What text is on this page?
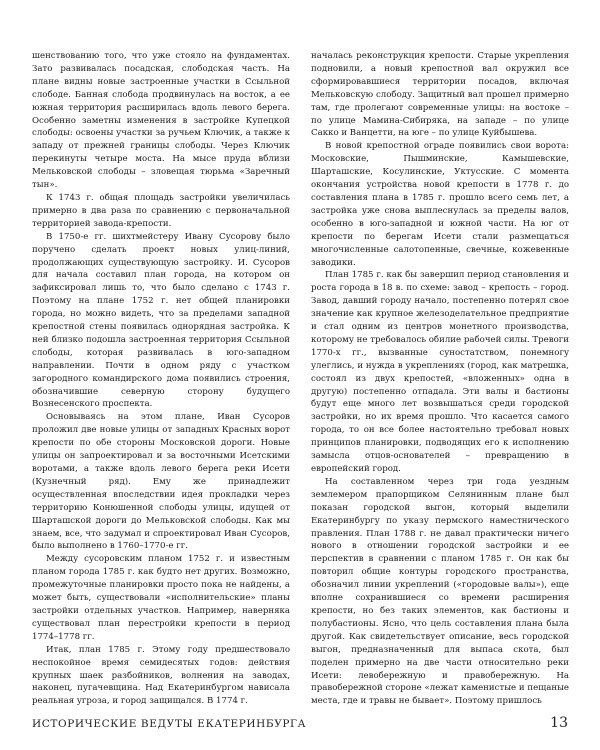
шенствованию того, что уже стояло на фундаментах. Зато развивалась посадская, слободская часть. На плане видны новые застроенные участки в Ссыльной слободе. Банная слобода продвинулась на восток, а ее южная территория расширилась вдоль левого берега. Особенно заметны изменения в застройке Купецкой слободы: освоены участки за ручьем Ключик, а также к западу от прежней границы слободы. Через Ключик перекинуты четыре моста. На мысе пруда вблизи Мельковской слободы – зловещая тюрьма «Заречный тын».

К 1743 г. общая площадь застройки увеличилась примерно в два раза по сравнению с первоначальной территорией завода-крепости.

В 1750-е гг. шихтмейстеру Ивану Сусорову было поручено сделать проект новых улиц-линий, продолжающих существующую застройку. И. Сусоров для начала составил план города, на котором он зафиксировал лишь то, что было сделано с 1743 г. Поэтому на плане 1752 г. нет общей планировки города, но можно видеть, что за пределами западной крепостной стены появилась однорядная застройка. К ней близко подошла застроенная территория Ссыльной слободы, которая развивалась в юго-западном направлении. Почти в одном ряду с участком загородного командирского дома появились строения, обозначившие северную сторону будущего Вознесенского проспекта.

Основываясь на этом плане, Иван Сусоров проложил две новые улицы от западных Красных ворот крепости по обе стороны Московской дороги. Новые улицы он запроектировал и за восточными Исетскими воротами, а также вдоль левого берега реки Исети (Кузнечный ряд). Ему же принадлежит осуществленная впоследствии идея прокладки через территорию Конюшенной слободы улицы, идущей от Шарташской дороги до Мельковской слободы. Как мы знаем, все, что задумал и спроектировал Иван Сусоров, было выполнено в 1760–1770-е гг.

Между сусоровским планом 1752 г. и известным планом города 1785 г. как будто нет других. Возможно, промежуточные планировки просто пока не найдены, а может быть, существовали «исполнительские» планы застройки отдельных участков. Например, наверняка существовал план перестройки крепости в период 1774–1778 гг.

Итак, план 1785 г. Этому году предшествовало неспокойное время семидесятых годов: действия крупных шаек разбойников, волнения на заводах, наконец, пугачевщина. Над Екатеринбургом нависала реальная угроза, и город защищался. В 1774 г.

началась реконструкция крепости. Старые укрепления подновили, а новый крепостной вал окружил все сформировавшиеся территории посадов, включая Мельковскую слободу. Защитный вал прошел примерно там, где пролегают современные улицы: на востоке – по улице Мамина-Сибиряка, на западе – по улице Сакко и Ванцетти, на юге – по улице Куйбышева.

В новой крепостной ограде появились свои ворота: Московские, Пышминские, Камышевские, Шарташские, Косулинские, Уктусские. С момента окончания устройства новой крепости в 1778 г. до составления плана в 1785 г. прошло всего семь лет, а застройка уже снова выплеснулась за пределы валов, особенно в юго-западной и южной части. На юг от крепости по берегам Исети стали размещаться многочисленные салотопенные, свечные, кожевенные заводики.

План 1785 г. как бы завершил период становления и роста города в 18 в. по схеме: завод – крепость – город. Завод, давший городу начало, постепенно потерял свое значение как крупное железоделательное предприятие и стал одним из центров монетного производства, которому не требовалось обилие рабочей силы. Тревоги 1770-х гг., вызванные суностатством, понемногу улеглись, и нужда в укреплениях (город, как матрешка, состоял из двух крепостей, «вложенных» одна в другую) постепенно отпадала. Эти валы и бастионы будут еще много лет возвышаться среди городской застройки, но их время прошло. Что касается самого города, то он все более настоятельно требовал новых принципов планировки, подводящих его к исполнению замысла отцов-основателей – превращению в европейский город.

На составленном через три года уездным землемером прапорщиком Селянинным плане был показан городской выгон, который выделили Екатеринбургу по указу пермского наместнического правления. План 1788 г. не давал практически ничего нового в отношении городской застройки и ее перспектив в сравнении с планом 1785 г. Он как бы повторил общие контуры городского пространства, обозначил линии укреплений («городовые валы»), еще вполне сохранившиеся со времени расширения крепости, но без таких элементов, как бастионы и полубастионы. Ясно, что цель составления плана была другой. Как свидетельствует описание, весь городской выгон, предназначенный для выпаса скота, был поделен примерно на две части относительно реки Исети: левобережную и правобережную. На правобережной стороне «лежат каменистые и пещаные места, где и травы не бывает». Поэтому пришлось

ИСТОРИЧЕСКИЕ ВЕДУТЫ ЕКАТЕРИНБУРГА	13
